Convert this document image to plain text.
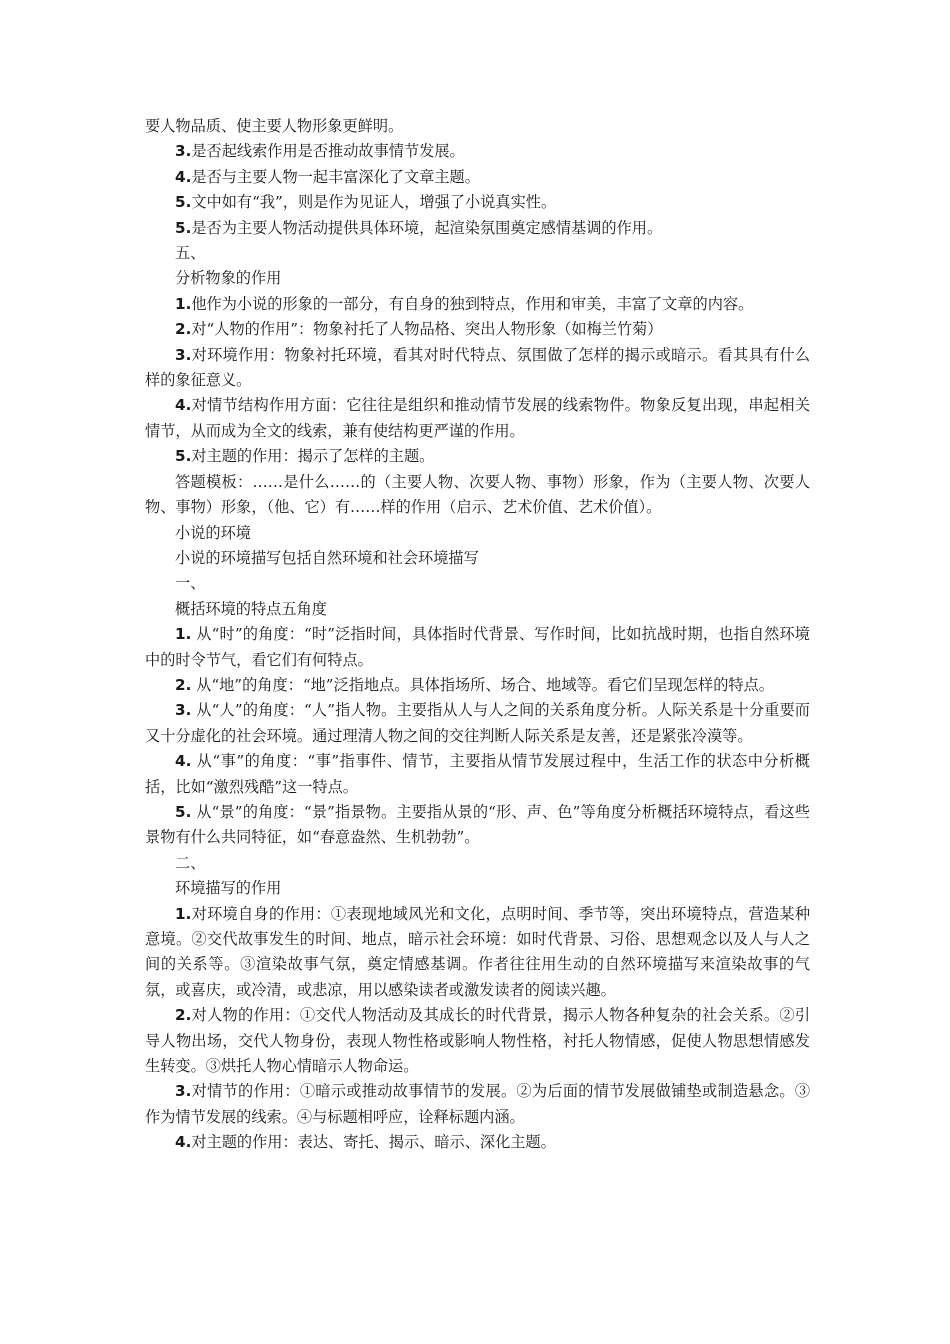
要人物品质、使主要人物形象更鲜明。

3.是否起线索作用是否推动故事情节发展。

4.是否与主要人物一起丰富深化了文章主题。

5.文中如有“我”，则是作为见证人，增强了小说真实性。

5.是否为主要人物活动提供具体环境，起渲染氛围奠定感情基调的作用。

五、

分析物象的作用

1.他作为小说的形象的一部分，有自身的独到特点，作用和审美，丰富了文章的内容。

2.对“人物的作用”：物象衬托了人物品格、突出人物形象（如梅兰竹菊）

3.对环境作用：物象衬托环境，看其对时代特点、氛围做了怎样的揭示或暗示。看其具有什么样的象征意义。

4.对情节结构作用方面：它往往是组织和推动情节发展的线索物件。物象反复出现，串起相关情节，从而成为全文的线索，兼有使结构更严谨的作用。

5.对主题的作用：揭示了怎样的主题。

答题模板：……是什么……的（主要人物、次要人物、事物）形象，作为（主要人物、次要人物、事物）形象，（他、它）有……样的作用（启示、艺术价值、艺术价值）。

小说的环境

小说的环境描写包括自然环境和社会环境描写

一、

概括环境的特点五角度

1. 从“时”的角度：“时”泛指时间，具体指时代背景、写作时间，比如抗战时期，也指自然环境中的时令节气，看它们有何特点。

2. 从“地”的角度：“地”泛指地点。具体指场所、场合、地域等。看它们呈现怎样的特点。

3. 从“人”的角度：“人”指人物。主要指从人与人之间的关系角度分析。人际关系是十分重要而又十分虚化的社会环境。通过理清人物之间的交往判断人际关系是友善，还是紧张冷漠等。

4. 从“事”的角度：“事”指事件、情节，主要指从情节发展过程中，生活工作的状态中分析概括，比如“激烈残酷”这一特点。

5. 从“景”的角度：“景”指景物。主要指从景的“形、声、色”等角度分析概括环境特点，看这些景物有什么共同特征，如“春意盎然、生机勃勃”。

二、

环境描写的作用

1.对环境自身的作用：①表现地域风光和文化，点明时间、季节等，突出环境特点，营造某种意境。②交代故事发生的时间、地点，暗示社会环境：如时代背景、习俗、思想观念以及人与人之间的关系等。③渲染故事气氛，奠定情感基调。作者往往用生动的自然环境描写来渲染故事的气氛，或喜庆，或冷清，或悲凉，用以感染读者或激发读者的阅读兴趣。

2.对人物的作用：①交代人物活动及其成长的时代背景，揭示人物各种复杂的社会关系。②引导人物出场，交代人物身份，表现人物性格或影响人物性格，衬托人物情感，促使人物思想情感发生转变。③烘托人物心情暗示人物命运。

3.对情节的作用：①暗示或推动故事情节的发展。②为后面的情节发展做铺垫或制造悬念。③作为情节发展的线索。④与标题相呼应，诠释标题内涵。

4.对主题的作用：表达、寄托、揭示、暗示、深化主题。
